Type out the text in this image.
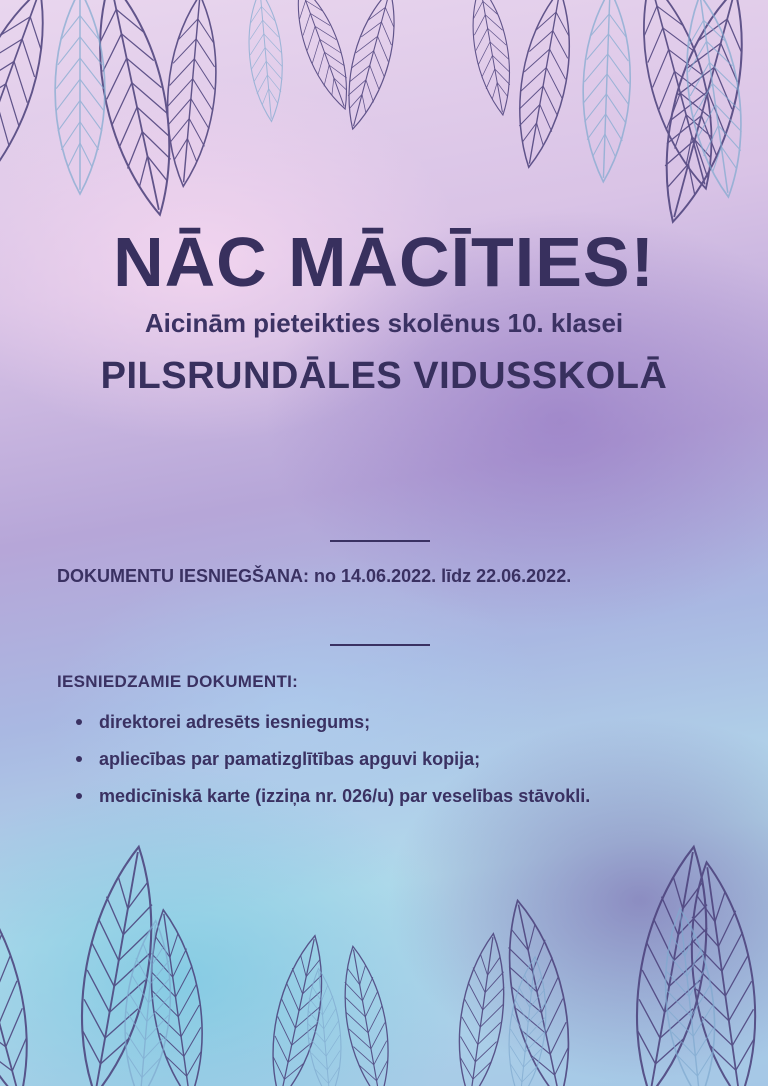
NĀC MĀCĪTIES!

Aicinām pieteikties skolēnus 10. klasei

PILSRUNDĀLES VIDUSSKOLĀ

DOKUMENTU IESNIEGŠANA: no 14.06.2022. līdz 22.06.2022.

IESNIEDZAMIE DOKUMENTI:

direktorei adresēts iesniegums;
apliecības par pamatizglītības apguvi kopija;
medicīniskā karte (izziņa nr. 026/u) par veselības stāvokli.
